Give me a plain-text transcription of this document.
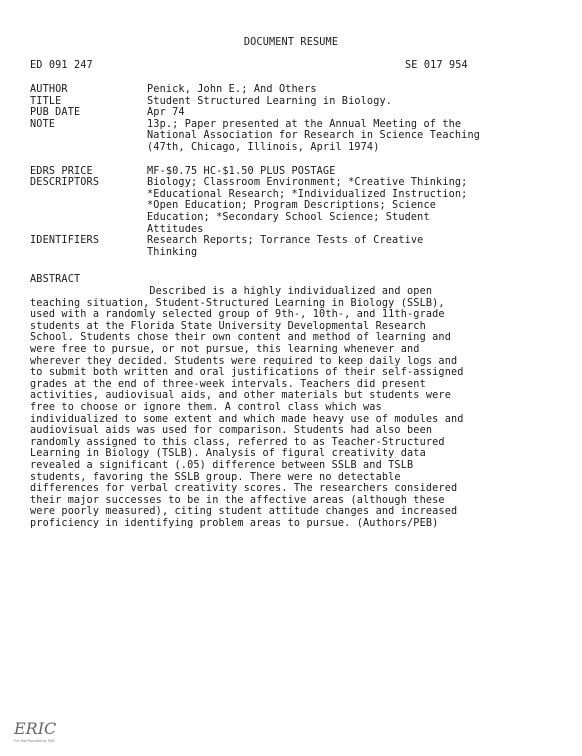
DOCUMENT RESUME
ED 091 247	SE 017 954
AUTHOR	Penick, John E.; And Others
TITLE	Student Structured Learning in Biology.
PUB DATE	Apr 74
NOTE	13p.; Paper presented at the Annual Meeting of the
National Association for Research in Science Teaching
(47th, Chicago, Illinois, April 1974)
EDRS PRICE	MF-$0.75 HC-$1.50 PLUS POSTAGE
DESCRIPTORS	Biology; Classroom Environment; *Creative Thinking;
*Educational Research; *Individualized Instruction;
*Open Education; Program Descriptions; Science
Education; *Secondary School Science; Student
Attitudes
IDENTIFIERS	Research Reports; Torrance Tests of Creative
Thinking
ABSTRACT
Described is a highly individualized and open
teaching situation, Student-Structured Learning in Biology (SSLB),
used with a randomly selected group of 9th-, 10th-, and 11th-grade
students at the Florida State University Developmental Research
School. Students chose their own content and method of learning and
were free to pursue, or not pursue, this learning whenever and
wherever they decided. Students were required to keep daily logs and
to submit both written and oral justifications of their self-assigned
grades at the end of three-week intervals. Teachers did present
activities, audiovisual aids, and other materials but students were
free to choose or ignore them. A control class which was
individualized to some extent and which made heavy use of modules and
audiovisual aids was used for comparison. Students had also been
randomly assigned to this class, referred to as Teacher-Structured
Learning in Biology (TSLB). Analysis of figural creativity data
revealed a significant (.05) difference between SSLB and TSLB
students, favoring the SSLB group. There were no detectable
differences for verbal creativity scores. The researchers considered
their major successes to be in the affective areas (although these
were poorly measured), citing student attitude changes and increased
proficiency in identifying problem areas to pursue. (Authors/PEB)
ERIC
Full Text Provided by ERIC
